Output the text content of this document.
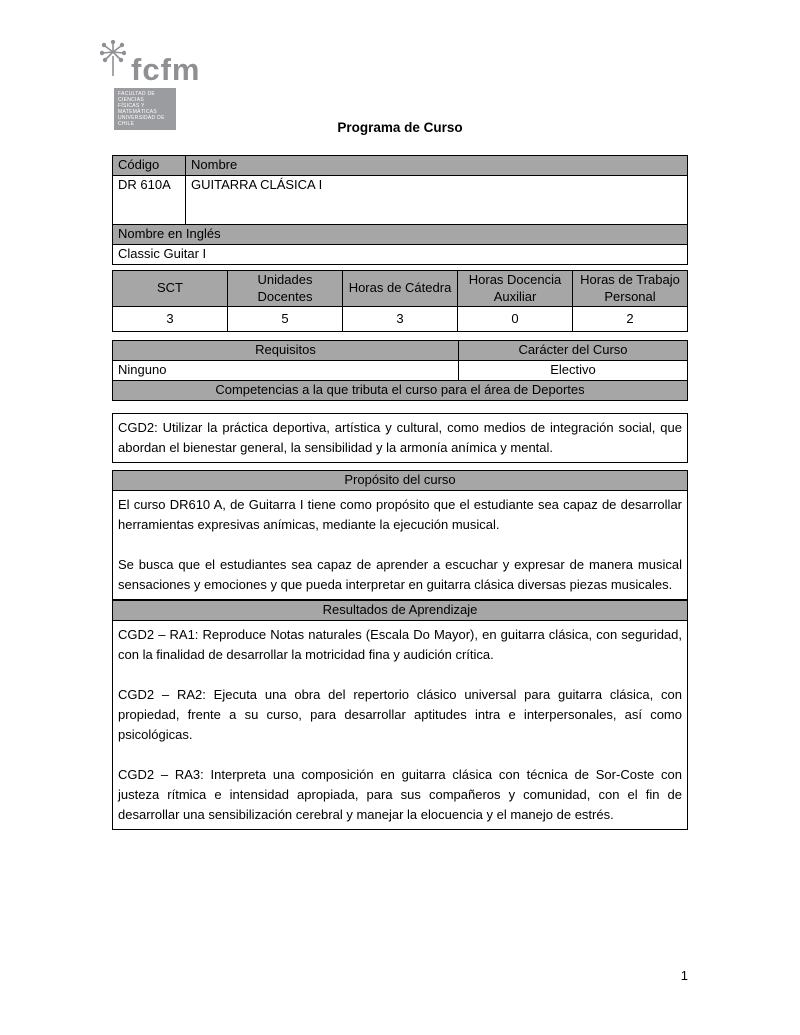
fcfm
FACULTAD DE CIENCIAS
FÍSICAS Y MATEMÁTICAS
UNIVERSIDAD DE CHILE	Programa de Curso
Código	Nombre
DR 610A	GUITARRA CLÁSICA I
Nombre en Inglés	
Classic Guitar I	
SCT	Unidades Docentes	Horas de Cátedra	Horas Docencia Auxiliar	Horas de Trabajo Personal
3	5	3	0	2
Requisitos	Carácter del Curso
Ninguno	Electivo
Competencias a la que tributa el curso para el área de Deportes	

CGD2: Utilizar la práctica deportiva, artística y cultural, como medios de integración social, que abordan el bienestar general, la sensibilidad y la armonía anímica y mental.

Propósito del curso

El curso DR610 A, de Guitarra I tiene como propósito que el estudiante sea capaz de desarrollar herramientas expresivas anímicas, mediante la ejecución musical.

Se busca que el estudiantes sea capaz de aprender a escuchar y expresar de manera musical sensaciones y emociones y que pueda interpretar en guitarra clásica diversas piezas musicales.

Resultados de Aprendizaje

CGD2 – RA1: Reproduce Notas naturales (Escala Do Mayor), en guitarra clásica, con seguridad, con la finalidad de desarrollar la motricidad fina y audición crítica.

CGD2 – RA2: Ejecuta una obra del repertorio clásico universal para guitarra clásica, con propiedad, frente a su curso, para desarrollar aptitudes intra e interpersonales, así como psicológicas.

CGD2 – RA3: Interpreta una composición en guitarra clásica con técnica de Sor-Coste con justeza rítmica e intensidad apropiada, para sus compañeros y comunidad, con el fin de desarrollar una sensibilización cerebral y manejar la elocuencia y el manejo de estrés.

1
